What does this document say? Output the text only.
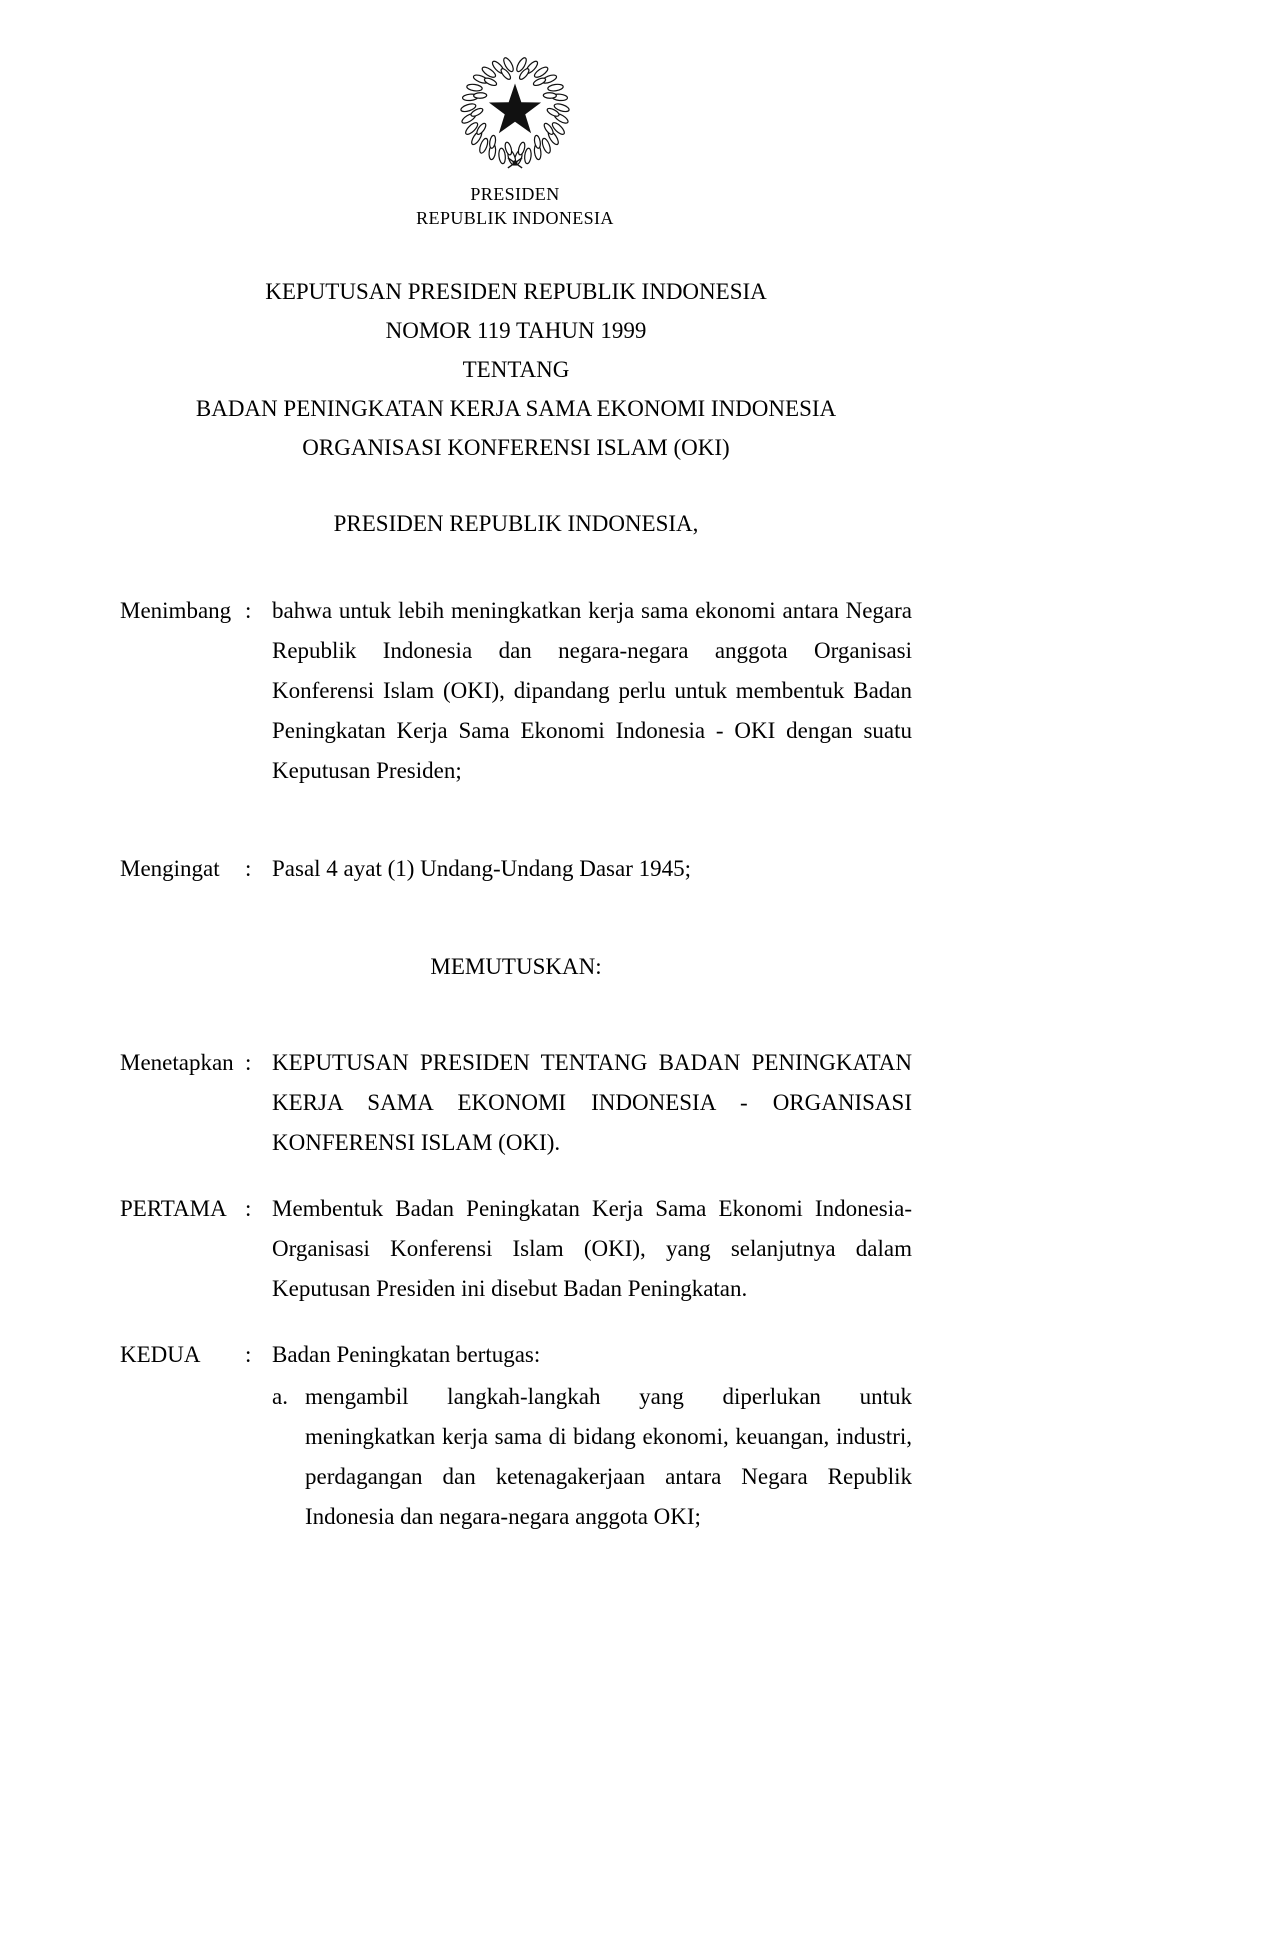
PRESIDEN
REPUBLIK INDONESIA
KEPUTUSAN PRESIDEN REPUBLIK INDONESIA
NOMOR 119 TAHUN 1999
TENTANG
BADAN PENINGKATAN KERJA SAMA EKONOMI INDONESIA
ORGANISASI KONFERENSI ISLAM (OKI)
PRESIDEN REPUBLIK INDONESIA,
Menimbang : bahwa untuk lebih meningkatkan kerja sama ekonomi antara Negara Republik Indonesia dan negara-negara anggota Organisasi Konferensi Islam (OKI), dipandang perlu untuk membentuk Badan Peningkatan Kerja Sama Ekonomi Indonesia - OKI dengan suatu Keputusan Presiden;
Mengingat	: Pasal 4 ayat (1) Undang-Undang Dasar 1945;
MEMUTUSKAN:
Menetapkan : KEPUTUSAN PRESIDEN TENTANG BADAN PENINGKATAN KERJA SAMA EKONOMI INDONESIA - ORGANISASI KONFERENSI ISLAM (OKI).
PERTAMA : Membentuk Badan Peningkatan Kerja Sama Ekonomi Indonesia-Organisasi Konferensi Islam (OKI), yang selanjutnya dalam Keputusan Presiden ini disebut Badan Peningkatan.
KEDUA	: Badan Peningkatan bertugas:
a. mengambil langkah-langkah yang diperlukan untuk meningkatkan kerja sama di bidang ekonomi, keuangan, industri, perdagangan dan ketenagakerjaan antara Negara Republik Indonesia dan negara-negara anggota OKI;
